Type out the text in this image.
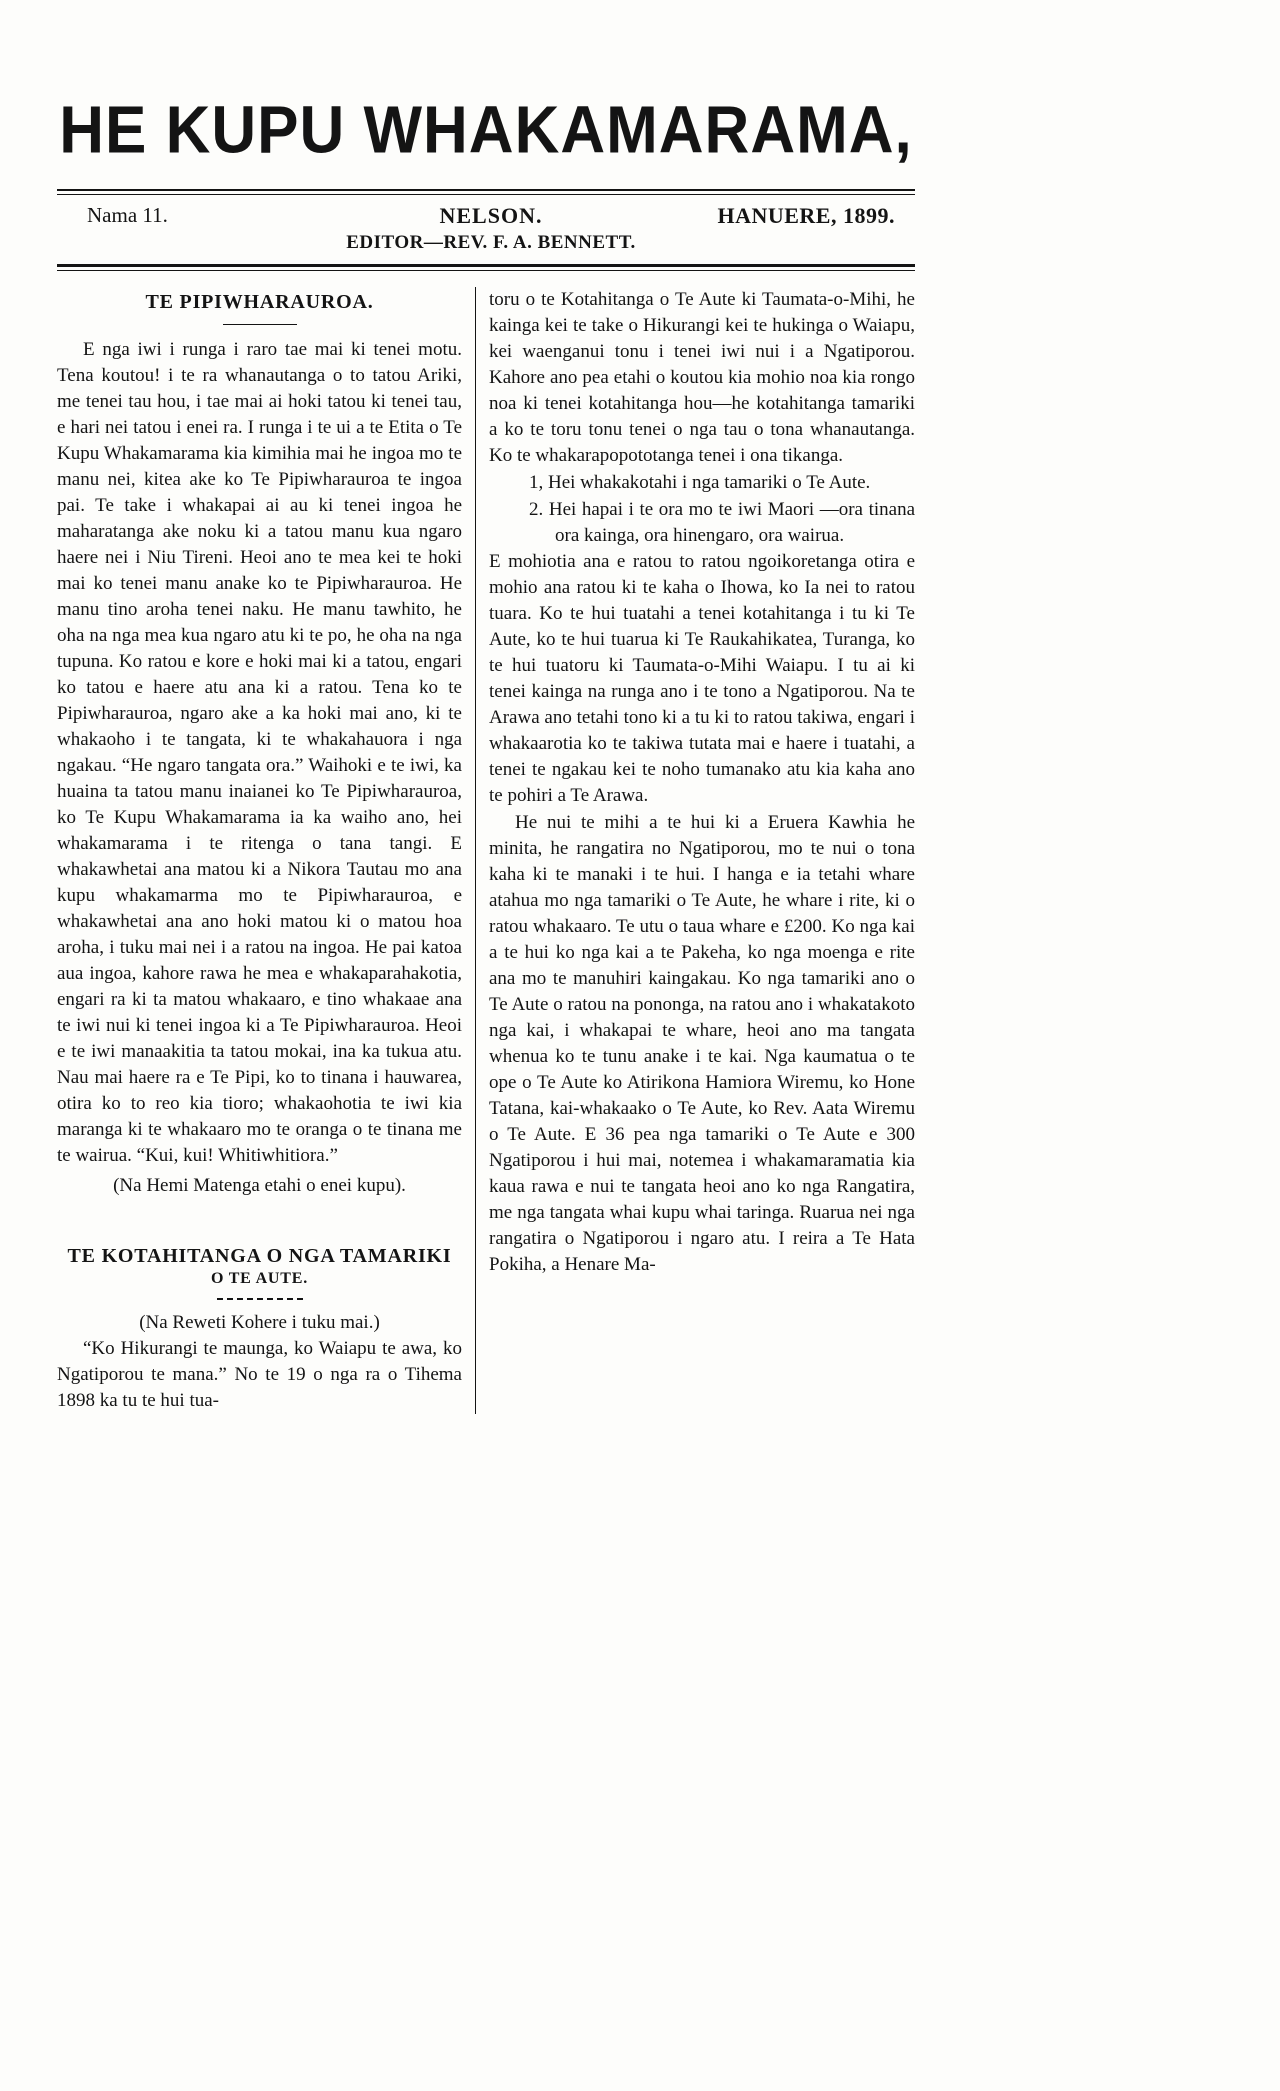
HE KUPU WHAKAMARAMA,
Nama 11.	NELSON.
EDITOR—REV. F. A. BENNETT.
HANUERE, 1899.
TE PIPIWHARAUROA.
E nga iwi i runga i raro tae mai ki tenei motu. Tena koutou! i te ra whanautanga o to tatou Ariki, me tenei tau hou, i tae mai ai hoki tatou ki tenei tau, e hari nei tatou i enei ra. I runga i te ui a te Etita o Te Kupu Whakamarama kia kimihia mai he ingoa mo te manu nei, kitea ake ko Te Pipiwharauroa te ingoa pai. Te take i whakapai ai au ki tenei ingoa he maharatanga ake noku ki a tatou manu kua ngaro haere nei i Niu Tireni. Heoi ano te mea kei te hoki mai ko tenei manu anake ko te Pipiwharauroa. He manu tino aroha tenei naku. He manu tawhito, he oha na nga mea kua ngaro atu ki te po, he oha na nga tupuna. Ko ratou e kore e hoki mai ki a tatou, engari ko tatou e haere atu ana ki a ratou. Tena ko te Pipiwharauroa, ngaro ake a ka hoki mai ano, ki te whakaoho i te tangata, ki te whakahauora i nga ngakau. “He ngaro tangata ora.” Waihoki e te iwi, ka huaina ta tatou manu inaianei ko Te Pipiwharauroa, ko Te Kupu Whakamarama ia ka waiho ano, hei whakamarama i te ritenga o tana tangi. E whakawhetai ana matou ki a Nikora Tautau mo ana kupu whakamarma mo te Pipiwharauroa, e whakawhetai ana ano hoki matou ki o matou hoa aroha, i tuku mai nei i a ratou na ingoa. He pai katoa aua ingoa, kahore rawa he mea e whakaparahakotia, engari ra ki ta matou whakaaro, e tino whakaae ana te iwi nui ki tenei ingoa ki a Te Pipiwharauroa. Heoi e te iwi manaakitia ta tatou mokai, ina ka tukua atu. Nau mai haere ra e Te Pipi, ko to tinana i hauwarea, otira ko to reo kia tioro; whakaohotia te iwi kia maranga ki te whakaaro mo te oranga o te tinana me te wairua. “Kui, kui! Whitiwhitiora.”
(Na Hemi Matenga etahi o enei kupu).
TE KOTAHITANGA O NGA TAMARIKI
O TE AUTE.
(Na Reweti Kohere i tuku mai.)
“Ko Hikurangi te maunga, ko Waiapu te awa, ko Ngatiporou te mana.” No te 19 o nga ra o Tihema 1898 ka tu te hui tua-
toru o te Kotahitanga o Te Aute ki Taumata-o-Mihi, he kainga kei te take o Hikurangi kei te hukinga o Waiapu, kei waenganui tonu i tenei iwi nui i a Ngatiporou. Kahore ano pea etahi o koutou kia mohio noa kia rongo noa ki tenei kotahitanga hou—he kotahitanga tamariki a ko te toru tonu tenei o nga tau o tona whanautanga. Ko te whakarapopototanga tenei i ona tikanga.
1, Hei whakakotahi i nga tamariki o Te Aute.
2. Hei hapai i te ora mo te iwi Maori —ora tinana ora kainga, ora hinengaro, ora wairua.
E mohiotia ana e ratou to ratou ngoikoretanga otira e mohio ana ratou ki te kaha o Ihowa, ko Ia nei to ratou tuara. Ko te hui tuatahi a tenei kotahitanga i tu ki Te Aute, ko te hui tuarua ki Te Raukahikatea, Turanga, ko te hui tuatoru ki Taumata-o-Mihi Waiapu. I tu ai ki tenei kainga na runga ano i te tono a Ngatiporou. Na te Arawa ano tetahi tono ki a tu ki to ratou takiwa, engari i whakaarotia ko te takiwa tutata mai e haere i tuatahi, a tenei te ngakau kei te noho tumanako atu kia kaha ano te pohiri a Te Arawa.
He nui te mihi a te hui ki a Eruera Kawhia he minita, he rangatira no Ngatiporou, mo te nui o tona kaha ki te manaki i te hui. I hanga e ia tetahi whare atahua mo nga tamariki o Te Aute, he whare i rite, ki o ratou whakaaro. Te utu o taua whare e £200. Ko nga kai a te hui ko nga kai a te Pakeha, ko nga moenga e rite ana mo te manuhiri kaingakau. Ko nga tamariki ano o Te Aute o ratou na pononga, na ratou ano i whakatakoto nga kai, i whakapai te whare, heoi ano ma tangata whenua ko te tunu anake i te kai. Nga kaumatua o te ope o Te Aute ko Atirikona Hamiora Wiremu, ko Hone Tatana, kai-whakaako o Te Aute, ko Rev. Aata Wiremu o Te Aute. E 36 pea nga tamariki o Te Aute e 300 Ngatiporou i hui mai, notemea i whakamaramatia kia kaua rawa e nui te tangata heoi ano ko nga Rangatira, me nga tangata whai kupu whai taringa. Ruarua nei nga rangatira o Ngatiporou i ngaro atu. I reira a Te Hata Pokiha, a Henare Ma-
